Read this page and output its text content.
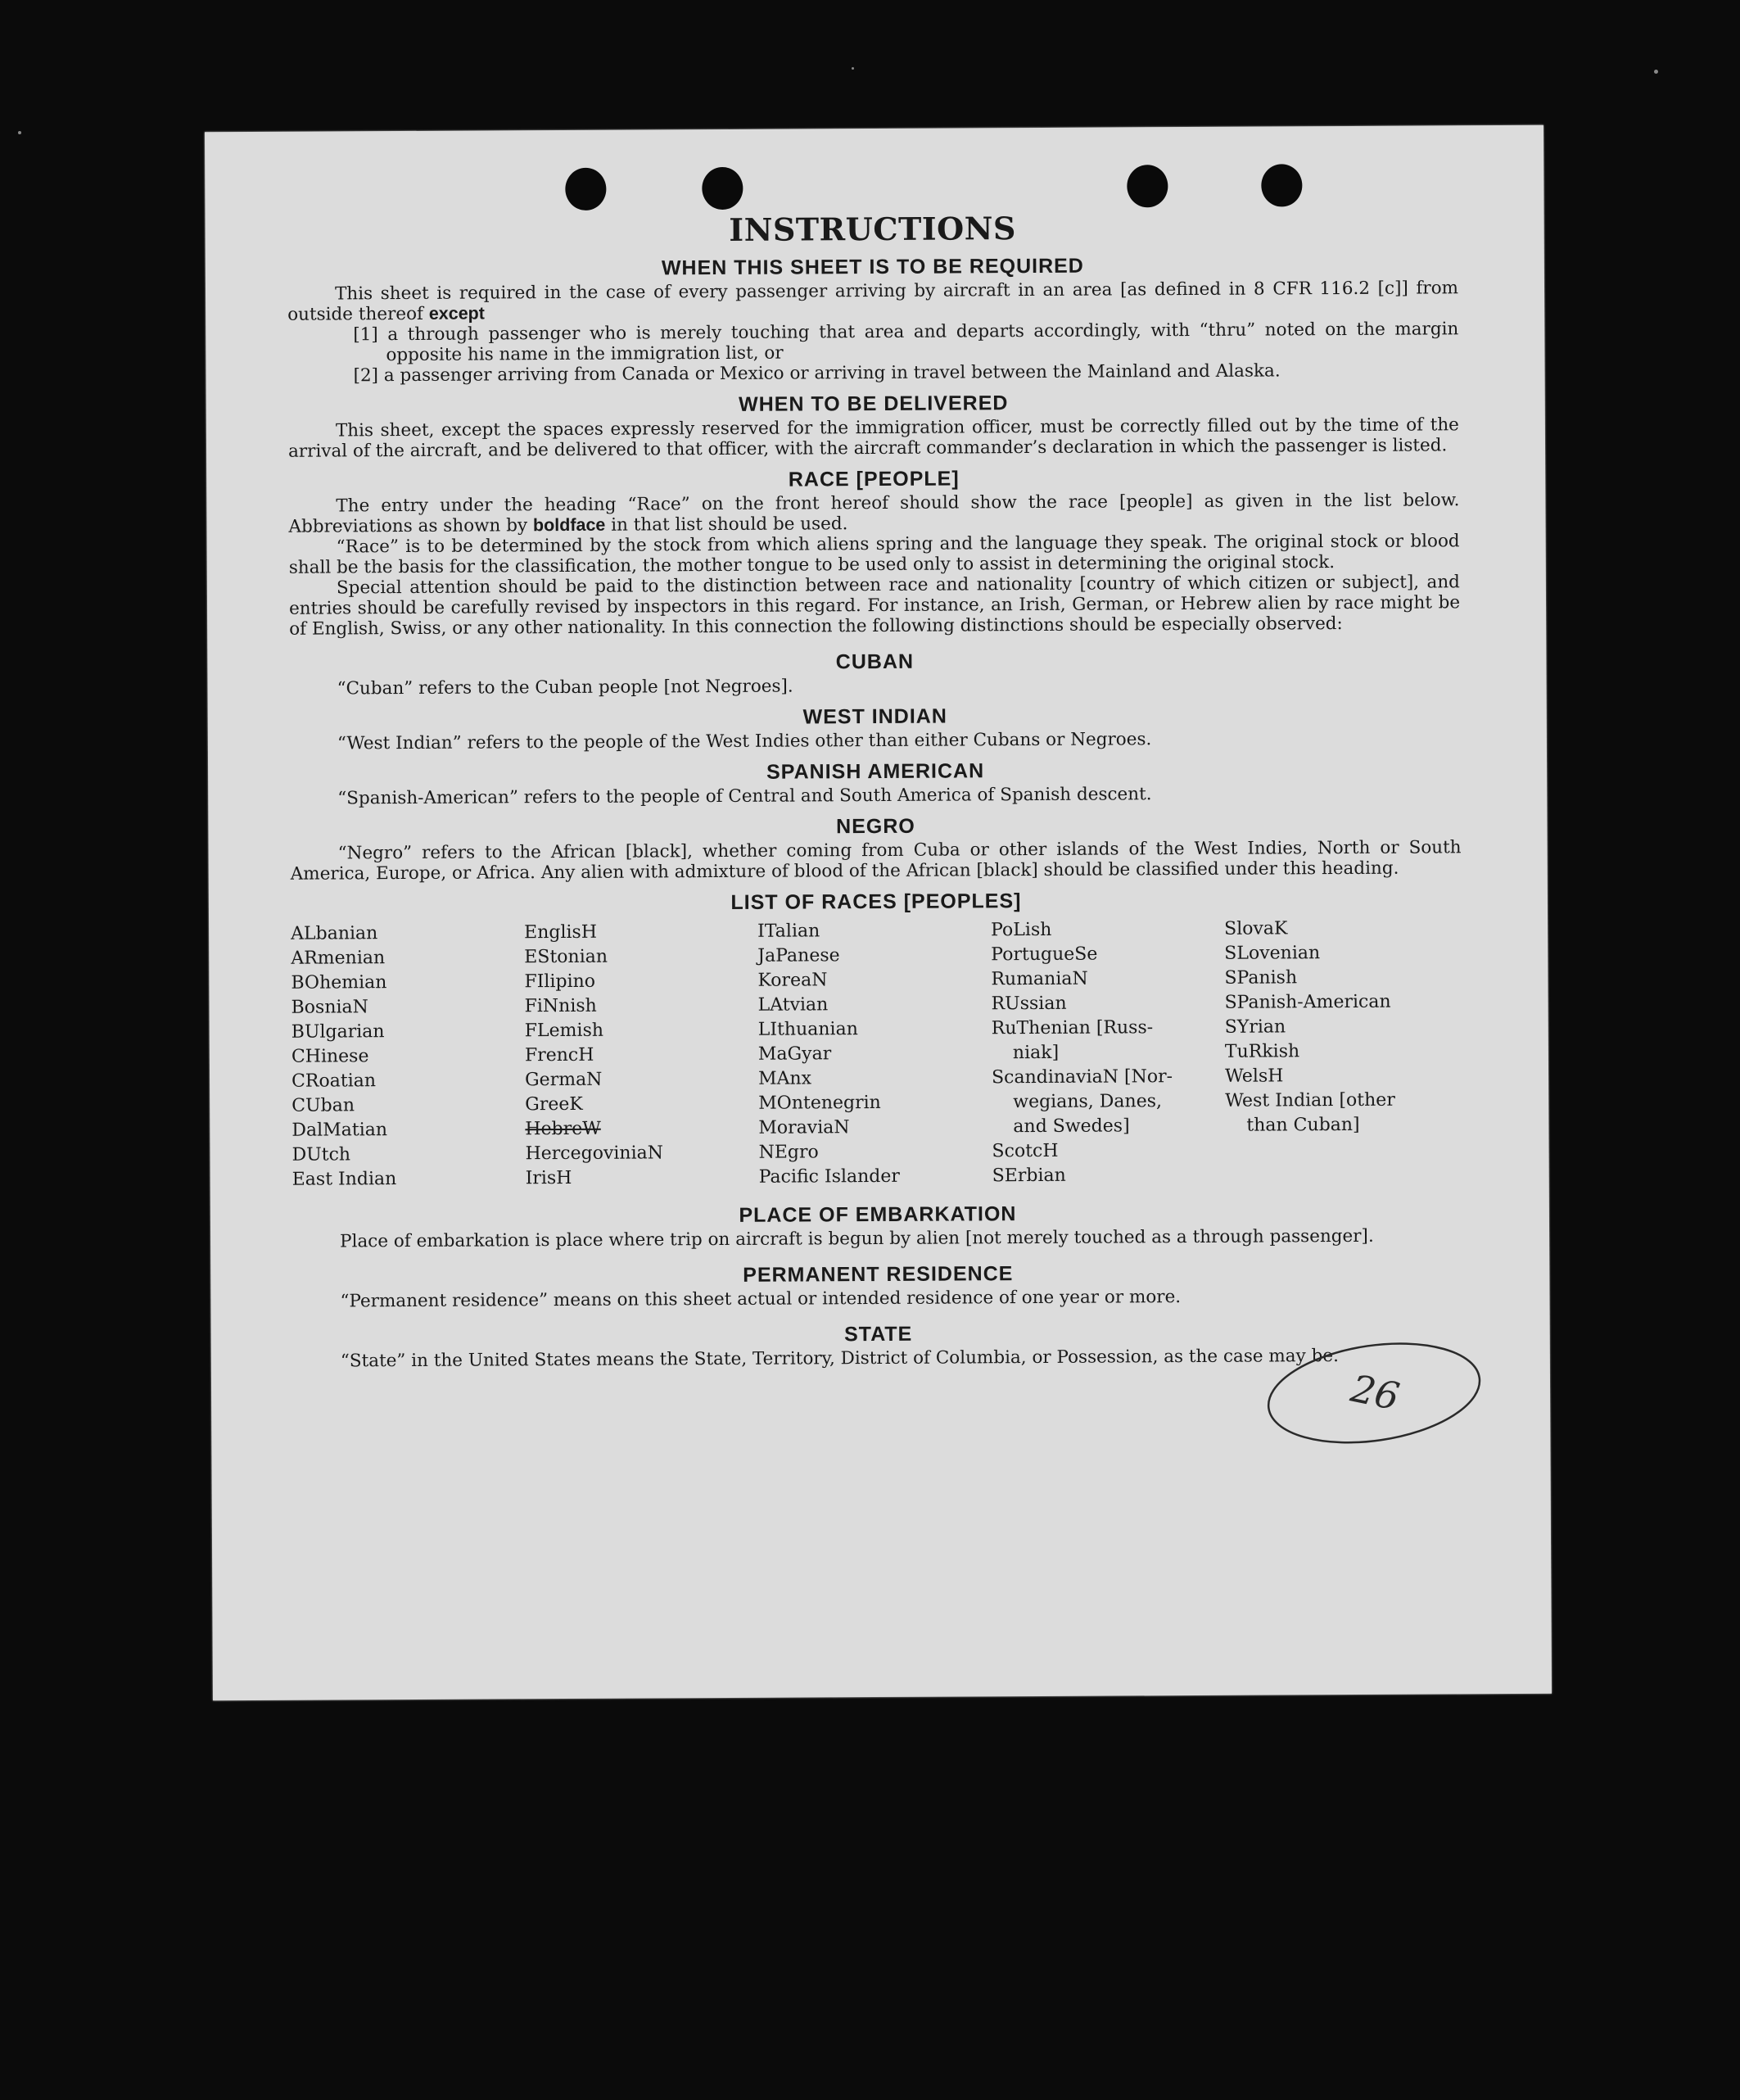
INSTRUCTIONS
WHEN THIS SHEET IS TO BE REQUIRED

This sheet is required in the case of every passenger arriving by aircraft in an area [as defined in 8 CFR 116.2 [c]] from outside thereof except

[1] a through passenger who is merely touching that area and departs accordingly, with “thru” noted on the margin opposite his name in the immigration list, or

[2] a passenger arriving from Canada or Mexico or arriving in travel between the Mainland and Alaska.

WHEN TO BE DELIVERED

This sheet, except the spaces expressly reserved for the immigration officer, must be correctly filled out by the time of the arrival of the aircraft, and be delivered to that officer, with the aircraft commander’s declaration in which the passenger is listed.

RACE [PEOPLE]

The entry under the heading “Race” on the front hereof should show the race [people] as given in the list below. Abbreviations as shown by boldface in that list should be used.

“Race” is to be determined by the stock from which aliens spring and the language they speak. The original stock or blood shall be the basis for the classification, the mother tongue to be used only to assist in determining the original stock.

Special attention should be paid to the distinction between race and nationality [country of which citizen or subject], and entries should be carefully revised by inspectors in this regard. For instance, an Irish, German, or Hebrew alien by race might be of English, Swiss, or any other nationality. In this connection the following distinctions should be especially observed:

CUBAN

“Cuban” refers to the Cuban people [not Negroes].

WEST INDIAN

“West Indian” refers to the people of the West Indies other than either Cubans or Negroes.

SPANISH AMERICAN

“Spanish-American” refers to the people of Central and South America of Spanish descent.

NEGRO

“Negro” refers to the African [black], whether coming from Cuba or other islands of the West Indies, North or South America, Europe, or Africa. Any alien with admixture of blood of the African [black] should be classified under this heading.

LIST OF RACES [PEOPLES]
ALbanian
ARmenian
BOhemian
BosniaN
BUlgarian
CHinese
CRoatian
CUban
DalMatian
DUtch
East Indian
EnglisH
EStonian
FIlipino
FiNnish
FLemish
FrencH
GermaN
GreeK
HebreW
HercegoviniaN
IrisH
ITalian
JaPanese
KoreaN
LAtvian
LIthuanian
MaGyar
MAnx
MOntenegrin
MoraviaN
NEgro
Pacific Islander
PoLish
PortugueSe
RumaniaN
RUssian
RuThenian [Russ-
niak]
ScandinaviaN [Nor-
wegians, Danes,
and Swedes]
ScotcH
SErbian
SlovaK
SLovenian
SPanish
SPanish-American
SYrian
TuRkish
WelsH
West Indian [other
than Cuban]
PLACE OF EMBARKATION

Place of embarkation is place where trip on aircraft is begun by alien [not merely touched as a through passenger].

PERMANENT RESIDENCE

“Permanent residence” means on this sheet actual or intended residence of one year or more.

STATE

“State” in the United States means the State, Territory, District of Columbia, or Possession, as the case may be.

26
